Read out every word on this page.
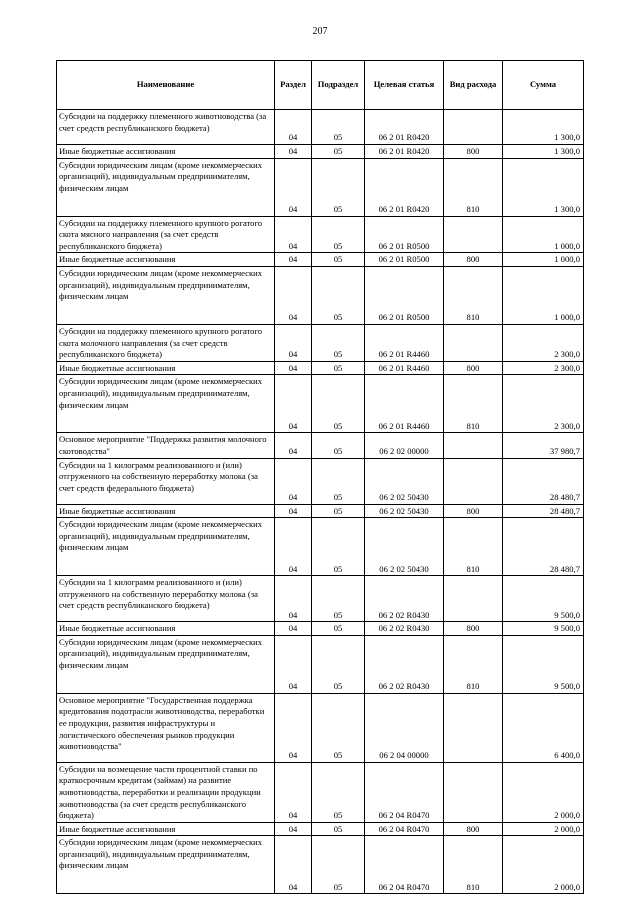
207
Наименование	Раздел	Подраздел	Целевая статья	Вид расхода	Сумма
Субсидии на поддержку племенного животноводства (за счет средств республиканского бюджета)	04	05	06 2 01 R0420		1 300,0
Иные бюджетные ассигнования	04	05	06 2 01 R0420	800	1 300,0
Субсидии юридическим лицам (кроме некоммерческих организаций), индивидуальным предпринимателям, физическим лицам	04	05	06 2 01 R0420	810	1 300,0
Субсидии на поддержку племенного крупного рогатого скота мясного направления (за счет средств республиканского бюджета)	04	05	06 2 01 R0500		1 000,0
Иные бюджетные ассигнования	04	05	06 2 01 R0500	800	1 000,0
Субсидии юридическим лицам (кроме некоммерческих организаций), индивидуальным предпринимателям, физическим лицам	04	05	06 2 01 R0500	810	1 000,0
Субсидии на поддержку племенного крупного рогатого скота молочного направления (за счет средств республиканского бюджета)	04	05	06 2 01 R4460		2 300,0
Иные бюджетные ассигнования	04	05	06 2 01 R4460	800	2 300,0
Субсидии юридическим лицам (кроме некоммерческих организаций), индивидуальным предпринимателям, физическим лицам	04	05	06 2 01 R4460	810	2 300,0
Основное мероприятие "Поддержка развития молочного скотоводства"	04	05	06 2 02 00000		37 980,7
Субсидии на 1 килограмм реализованного и (или) отгруженного на собственную переработку молока (за счет средств федерального бюджета)	04	05	06 2 02 50430		28 480,7
Иные бюджетные ассигнования	04	05	06 2 02 50430	800	28 480,7
Субсидии юридическим лицам (кроме некоммерческих организаций), индивидуальным предпринимателям, физическим лицам	04	05	06 2 02 50430	810	28 480,7
Субсидии на 1 килограмм реализованного и (или) отгруженного на собственную переработку молока (за счет средств республиканского бюджета)	04	05	06 2 02 R0430		9 500,0
Иные бюджетные ассигнования	04	05	06 2 02 R0430	800	9 500,0
Субсидии юридическим лицам (кроме некоммерческих организаций), индивидуальным предпринимателям, физическим лицам	04	05	06 2 02 R0430	810	9 500,0
Основное мероприятие "Государственная поддержка кредитования подотрасли животноводства, переработки ее продукции, развития инфраструктуры и логистического обеспечения рынков продукции животноводства"	04	05	06 2 04 00000		6 400,0
Субсидии на возмещение части процентной ставки по краткосрочным кредитам (займам) на развитие животноводства, переработки и реализации продукции животноводства (за счет средств республиканского бюджета)	04	05	06 2 04 R0470		2 000,0
Иные бюджетные ассигнования	04	05	06 2 04 R0470	800	2 000,0
Субсидии юридическим лицам (кроме некоммерческих организаций), индивидуальным предпринимателям, физическим лицам	04	05	06 2 04 R0470	810	2 000,0
